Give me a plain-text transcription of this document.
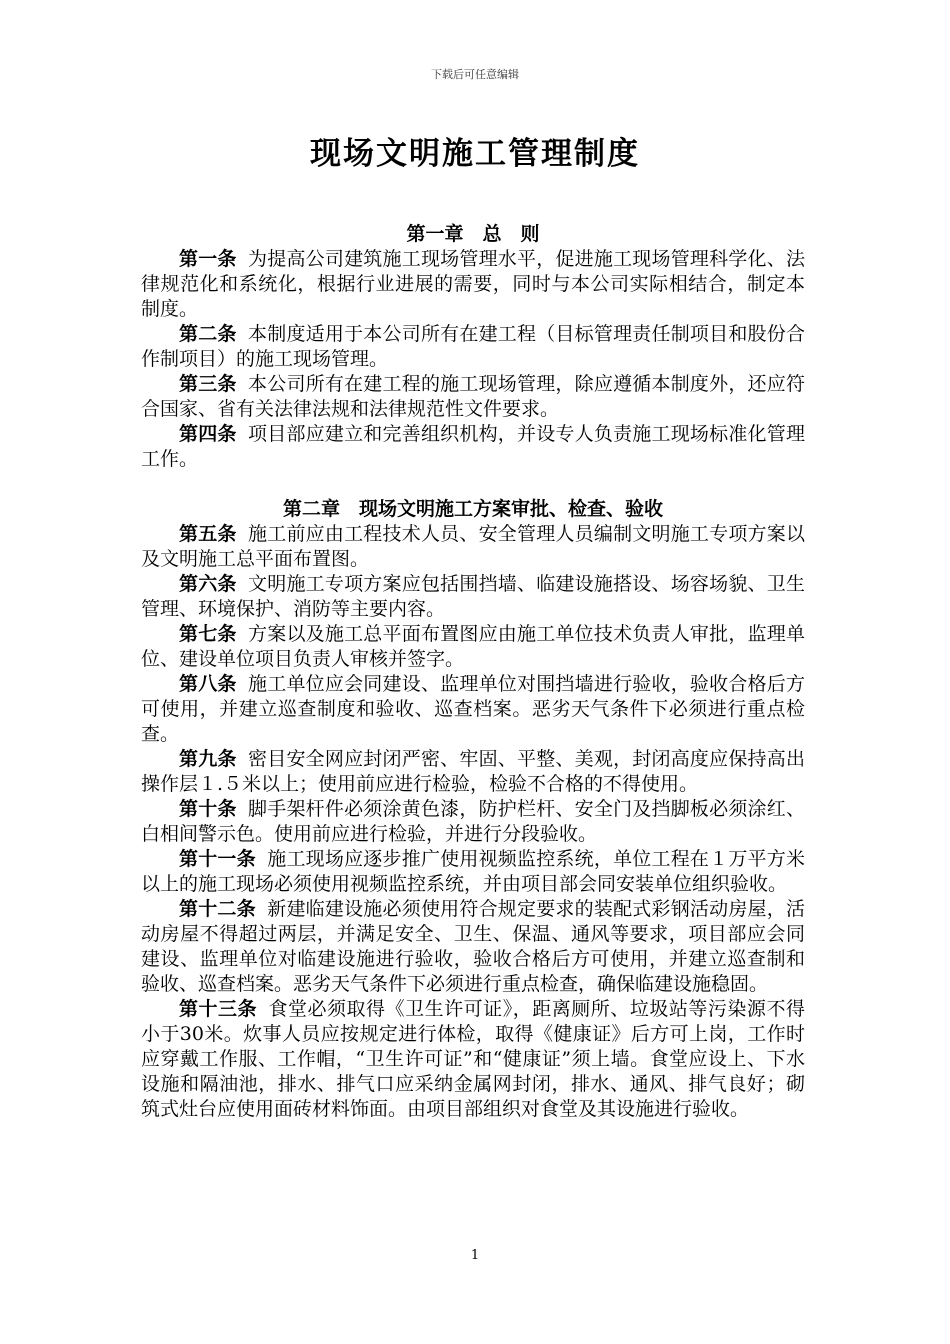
下载后可任意编辑
现场文明施工管理制度
第一章　总　则

第一条 为提高公司建筑施工现场管理水平，促进施工现场管理科学化、法律规范化和系统化，根据行业进展的需要，同时与本公司实际相结合，制定本制度。

第二条 本制度适用于本公司所有在建工程（目标管理责任制项目和股份合作制项目）的施工现场管理。

第三条 本公司所有在建工程的施工现场管理，除应遵循本制度外，还应符合国家、省有关法律法规和法律规范性文件要求。

第四条 项目部应建立和完善组织机构，并设专人负责施工现场标准化管理工作。

第二章　现场文明施工方案审批、检查、验收

第五条 施工前应由工程技术人员、安全管理人员编制文明施工专项方案以及文明施工总平面布置图。

第六条 文明施工专项方案应包括围挡墙、临建设施搭设、场容场貌、卫生管理、环境保护、消防等主要内容。

第七条 方案以及施工总平面布置图应由施工单位技术负责人审批，监理单位、建设单位项目负责人审核并签字。

第八条 施工单位应会同建设、监理单位对围挡墙进行验收，验收合格后方可使用，并建立巡查制度和验收、巡查档案。恶劣天气条件下必须进行重点检查。

第九条 密目安全网应封闭严密、牢固、平整、美观，封闭高度应保持高出操作层１.５米以上；使用前应进行检验，检验不合格的不得使用。

第十条 脚手架杆件必须涂黄色漆，防护栏杆、安全门及挡脚板必须涂红、白相间警示色。使用前应进行检验，并进行分段验收。

第十一条 施工现场应逐步推广使用视频监控系统，单位工程在１万平方米以上的施工现场必须使用视频监控系统，并由项目部会同安装单位组织验收。

第十二条 新建临建设施必须使用符合规定要求的装配式彩钢活动房屋，活动房屋不得超过两层，并满足安全、卫生、保温、通风等要求，项目部应会同建设、监理单位对临建设施进行验收，验收合格后方可使用，并建立巡查制和验收、巡查档案。恶劣天气条件下必须进行重点检查，确保临建设施稳固。

第十三条 食堂必须取得《卫生许可证》，距离厕所、垃圾站等污染源不得小于30米。炊事人员应按规定进行体检，取得《健康证》后方可上岗，工作时应穿戴工作服、工作帽，“卫生许可证”和“健康证”须上墙。食堂应设上、下水设施和隔油池，排水、排气口应采纳金属网封闭，排水、通风、排气良好；砌筑式灶台应使用面砖材料饰面。由项目部组织对食堂及其设施进行验收。

1
